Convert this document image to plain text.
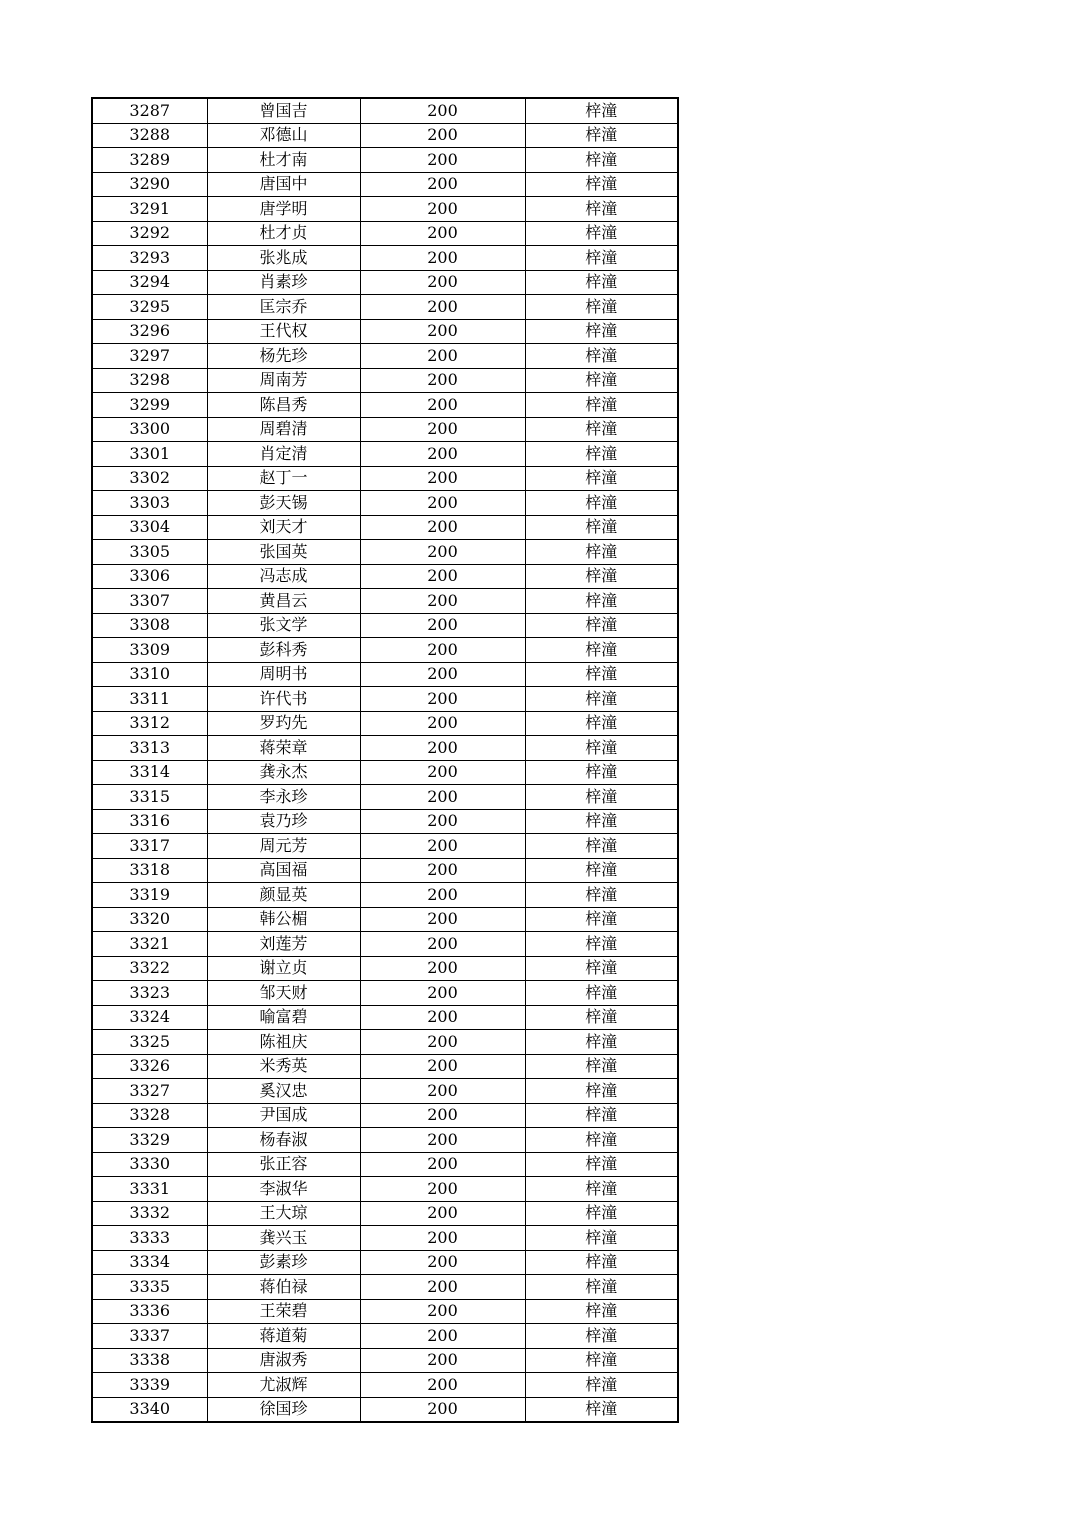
3287	曾国吉	200	梓潼
3288	邓德山	200	梓潼
3289	杜才南	200	梓潼
3290	唐国中	200	梓潼
3291	唐学明	200	梓潼
3292	杜才贞	200	梓潼
3293	张兆成	200	梓潼
3294	肖素珍	200	梓潼
3295	匡宗乔	200	梓潼
3296	王代权	200	梓潼
3297	杨先珍	200	梓潼
3298	周南芳	200	梓潼
3299	陈昌秀	200	梓潼
3300	周碧清	200	梓潼
3301	肖定清	200	梓潼
3302	赵丁一	200	梓潼
3303	彭天锡	200	梓潼
3304	刘天才	200	梓潼
3305	张国英	200	梓潼
3306	冯志成	200	梓潼
3307	黄昌云	200	梓潼
3308	张文学	200	梓潼
3309	彭科秀	200	梓潼
3310	周明书	200	梓潼
3311	许代书	200	梓潼
3312	罗玓先	200	梓潼
3313	蒋荣章	200	梓潼
3314	龚永杰	200	梓潼
3315	李永珍	200	梓潼
3316	袁乃珍	200	梓潼
3317	周元芳	200	梓潼
3318	高国福	200	梓潼
3319	颜显英	200	梓潼
3320	韩公楣	200	梓潼
3321	刘莲芳	200	梓潼
3322	谢立贞	200	梓潼
3323	邹天财	200	梓潼
3324	喻富碧	200	梓潼
3325	陈祖庆	200	梓潼
3326	米秀英	200	梓潼
3327	奚汉忠	200	梓潼
3328	尹国成	200	梓潼
3329	杨春淑	200	梓潼
3330	张正容	200	梓潼
3331	李淑华	200	梓潼
3332	王大琼	200	梓潼
3333	龚兴玉	200	梓潼
3334	彭素珍	200	梓潼
3335	蒋伯禄	200	梓潼
3336	王荣碧	200	梓潼
3337	蒋道菊	200	梓潼
3338	唐淑秀	200	梓潼
3339	尤淑辉	200	梓潼
3340	徐国珍	200	梓潼
